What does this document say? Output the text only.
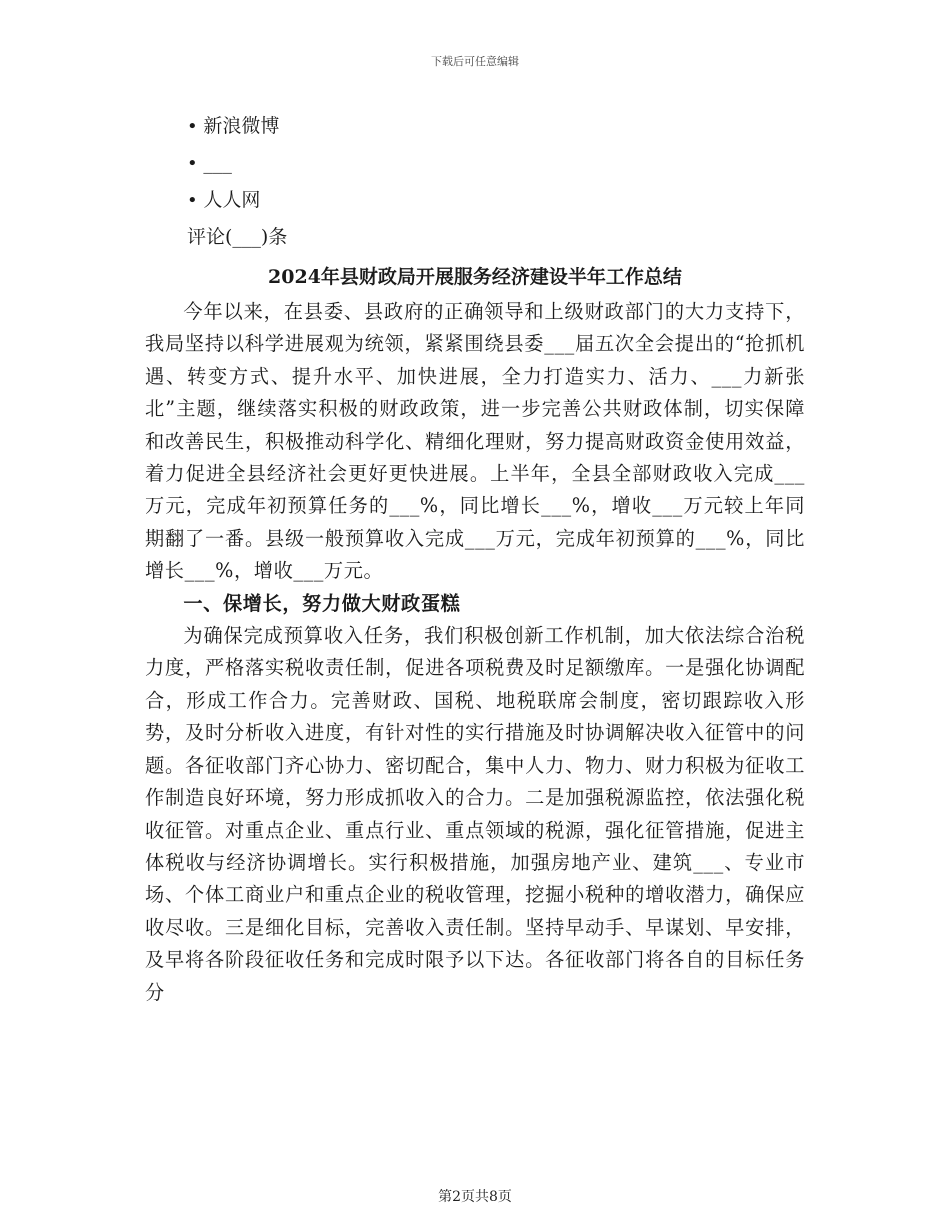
下载后可任意编辑
• 新浪微博
• ___
• 人人网
评论(___)条
2024年县财政局开展服务经济建设半年工作总结

今年以来，在县委、县政府的正确领导和上级财政部门的大力支持下，我局坚持以科学进展观为统领，紧紧围绕县委___届五次全会提出的“抢抓机遇、转变方式、提升水平、加快进展，全力打造实力、活力、___力新张北”主题，继续落实积极的财政政策，进一步完善公共财政体制，切实保障和改善民生，积极推动科学化、精细化理财，努力提高财政资金使用效益，着力促进全县经济社会更好更快进展。上半年，全县全部财政收入完成___万元，完成年初预算任务的___%，同比增长___%，增收___万元较上年同期翻了一番。县级一般预算收入完成___万元，完成年初预算的___%，同比增长___%，增收___万元。

一、保增长，努力做大财政蛋糕

为确保完成预算收入任务，我们积极创新工作机制，加大依法综合治税力度，严格落实税收责任制，促进各项税费及时足额缴库。一是强化协调配合，形成工作合力。完善财政、国税、地税联席会制度，密切跟踪收入形势，及时分析收入进度，有针对性的实行措施及时协调解决收入征管中的问题。各征收部门齐心协力、密切配合，集中人力、物力、财力积极为征收工作制造良好环境，努力形成抓收入的合力。二是加强税源监控，依法强化税收征管。对重点企业、重点行业、重点领域的税源，强化征管措施，促进主体税收与经济协调增长。实行积极措施，加强房地产业、建筑___、专业市场、个体工商业户和重点企业的税收管理，挖掘小税种的增收潜力，确保应收尽收。三是细化目标，完善收入责任制。坚持早动手、早谋划、早安排，及早将各阶段征收任务和完成时限予以下达。各征收部门将各自的目标任务分

第2页共8页
